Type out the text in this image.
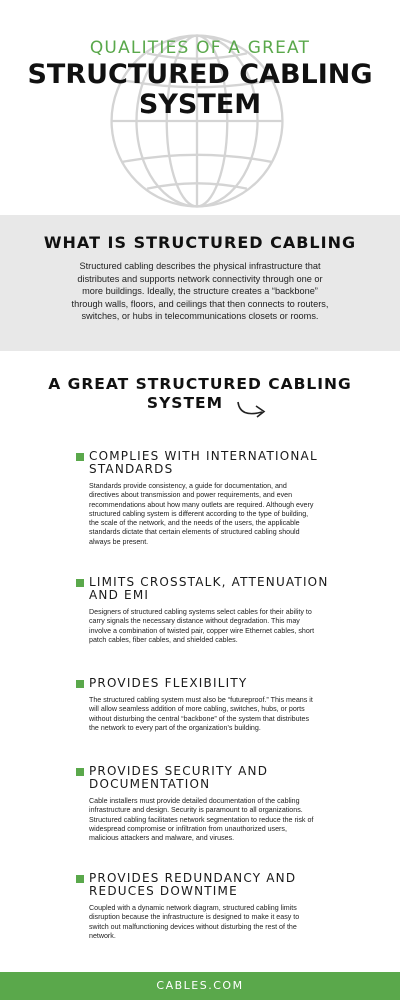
QUALITIES OF A GREAT
STRUCTURED CABLING
SYSTEM
WHAT IS STRUCTURED CABLING

Structured cabling describes the physical infrastructure that distributes and supports network connectivity through one or more buildings. Ideally, the structure creates a “backbone” through walls, floors, and ceilings that then connects to routers, switches, or hubs in telecommunications closets or rooms.

A GREAT STRUCTURED CABLING
SYSTEM
COMPLIES WITH INTERNATIONAL STANDARDS

Standards provide consistency, a guide for documentation, and directives about transmission and power requirements, and even recommendations about how many outlets are required. Although every structured cabling system is different according to the type of building, the scale of the network, and the needs of the users, the applicable standards dictate that certain elements of structured cabling should always be present.

LIMITS CROSSTALK, ATTENUATION AND EMI

Designers of structured cabling systems select cables for their ability to carry signals the necessary distance without degradation. This may involve a combination of twisted pair, copper wire Ethernet cables, short patch cables, fiber cables, and shielded cables.

PROVIDES FLEXIBILITY

The structured cabling system must also be “futureproof.” This means it will allow seamless addition of more cabling, switches, hubs, or ports without disturbing the central “backbone” of the system that distributes the network to every part of the organization’s building.

PROVIDES SECURITY AND DOCUMENTATION

Cable installers must provide detailed documentation of the cabling infrastructure and design. Security is paramount to all organizations. Structured cabling facilitates network segmentation to reduce the risk of widespread compromise or infiltration from unauthorized users, malicious attackers and malware, and viruses.

PROVIDES REDUNDANCY AND REDUCES DOWNTIME

Coupled with a dynamic network diagram, structured cabling limits disruption because the infrastructure is designed to make it easy to switch out malfunctioning devices without disturbing the rest of the network.

CABLES.COM
